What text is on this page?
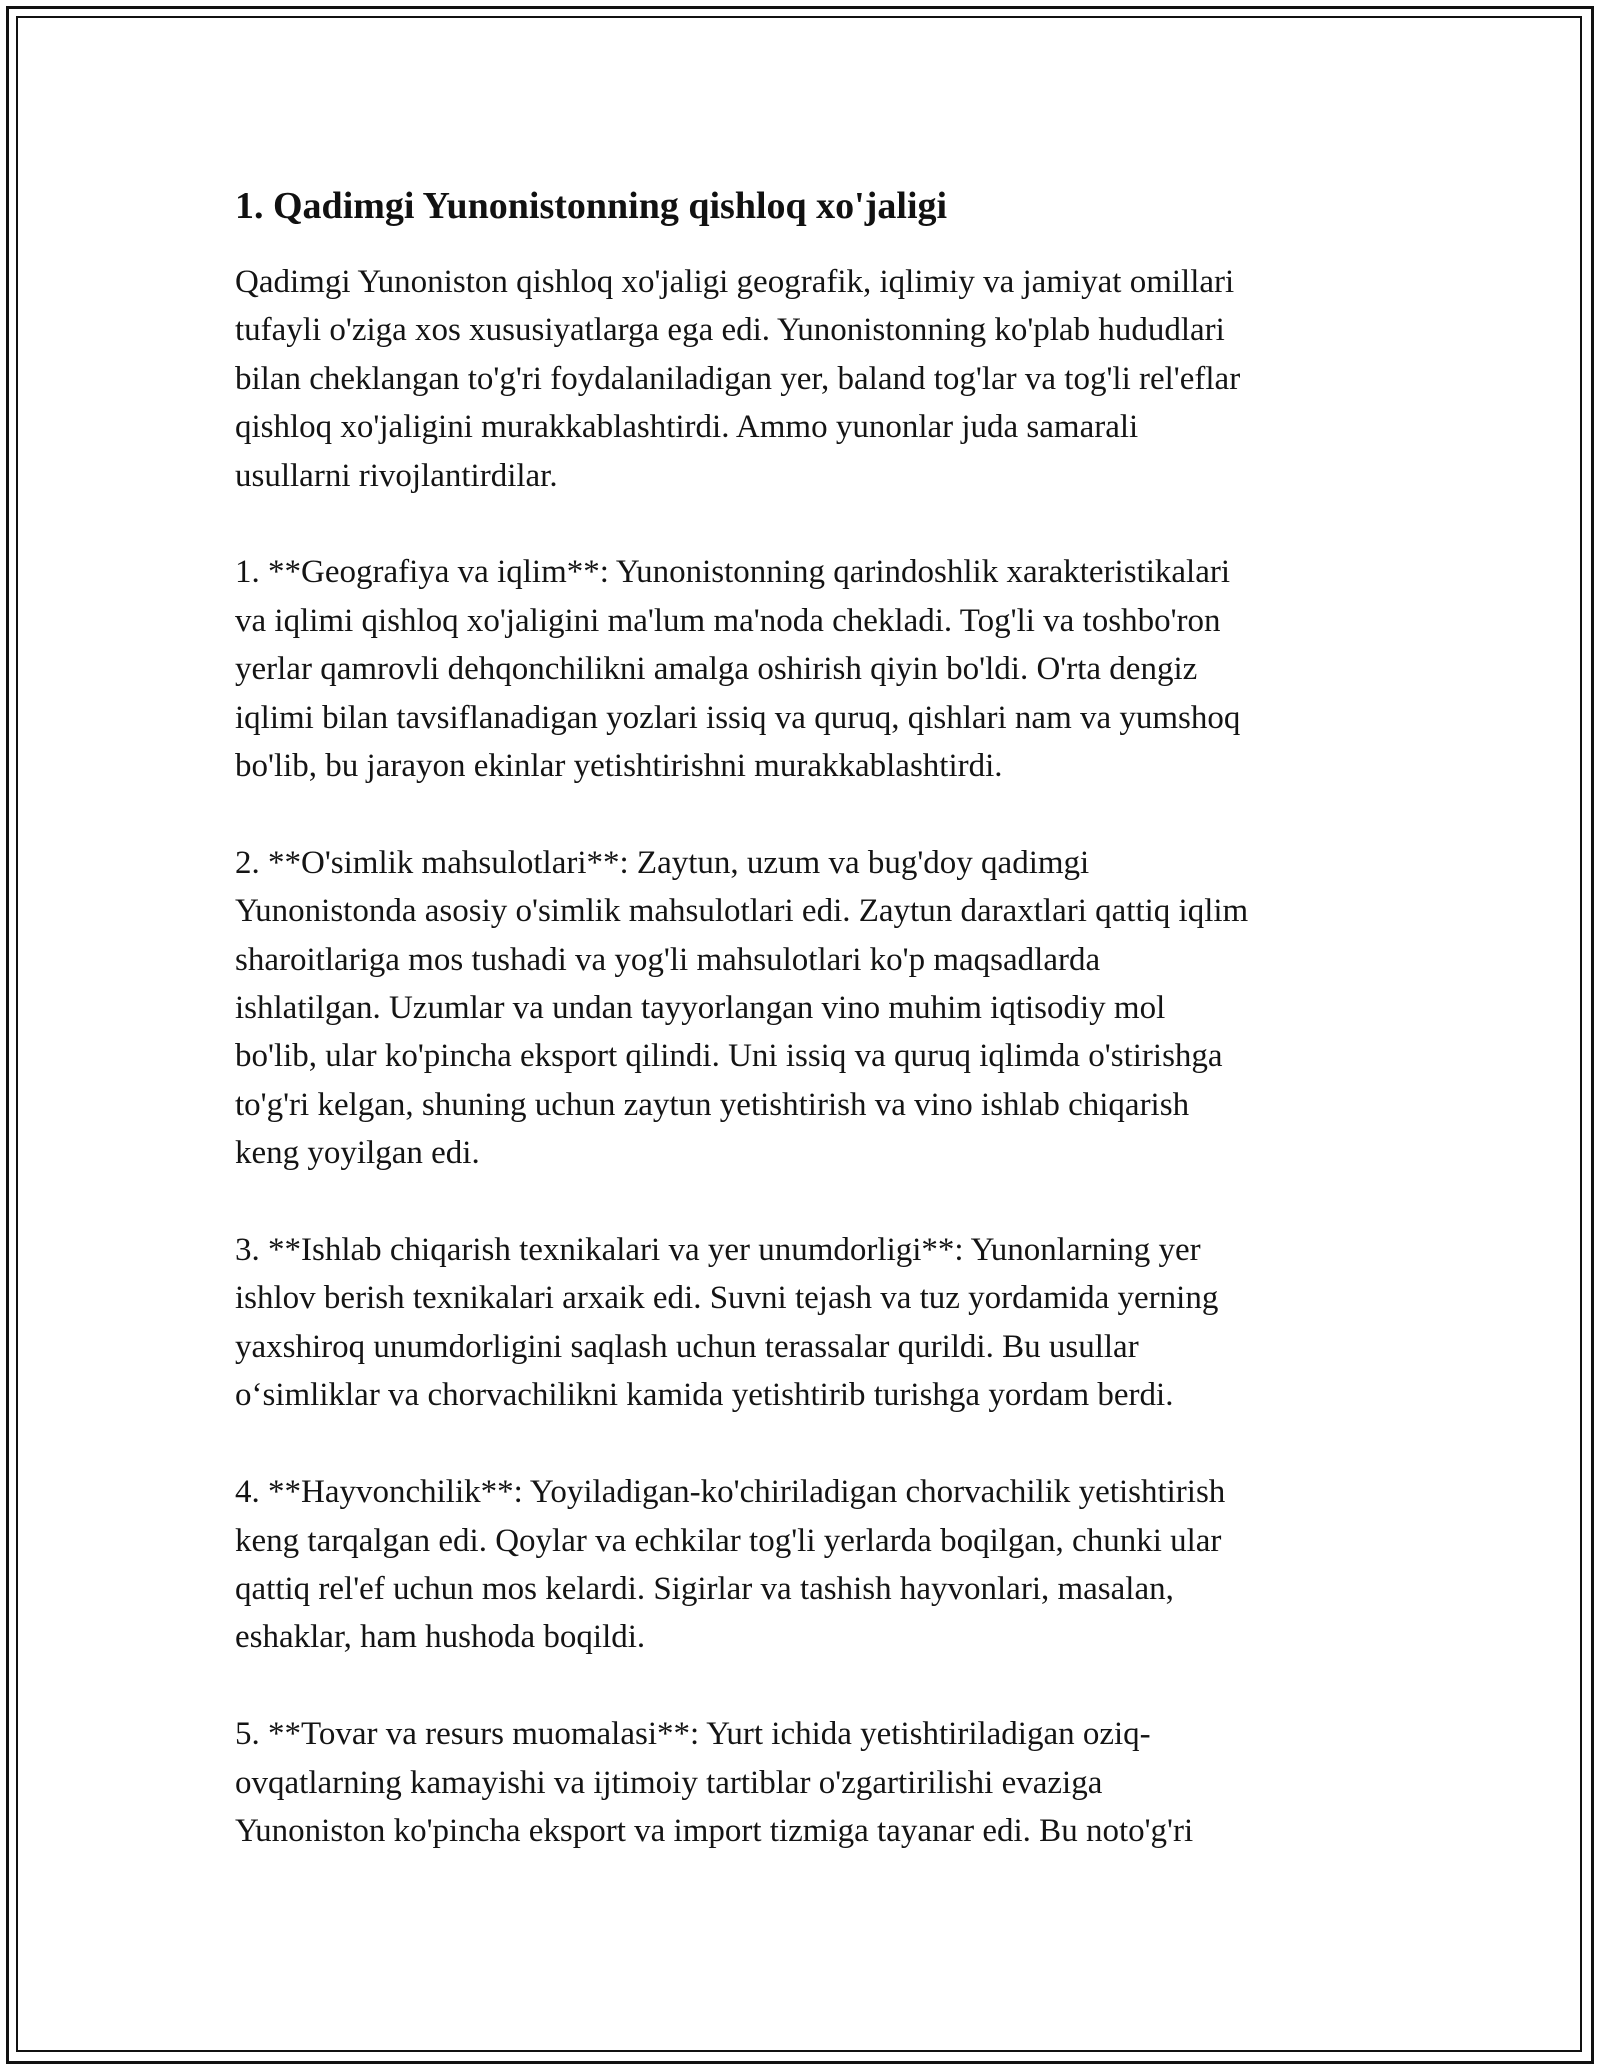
1. Qadimgi Yunonistonning qishloq xo'jaligi

Qadimgi Yunoniston qishloq xo'jaligi geografik, iqlimiy va jamiyat omillari
tufayli o'ziga xos xususiyatlarga ega edi. Yunonistonning ko'plab hududlari
bilan cheklangan to'g'ri foydalaniladigan yer, baland tog'lar va tog'li rel'eflar
qishloq xo'jaligini murakkablashtirdi. Ammo yunonlar juda samarali
usullarni rivojlantirdilar.

1. **Geografiya va iqlim**: Yunonistonning qarindoshlik xarakteristikalari
va iqlimi qishloq xo'jaligini ma'lum ma'noda chekladi. Tog'li va toshbo'ron
yerlar qamrovli dehqonchilikni amalga oshirish qiyin bo'ldi. O'rta dengiz
iqlimi bilan tavsiflanadigan yozlari issiq va quruq, qishlari nam va yumshoq
bo'lib, bu jarayon ekinlar yetishtirishni murakkablashtirdi.

2. **O'simlik mahsulotlari**: Zaytun, uzum va bug'doy qadimgi
Yunonistonda asosiy o'simlik mahsulotlari edi. Zaytun daraxtlari qattiq iqlim
sharoitlariga mos tushadi va yog'li mahsulotlari ko'p maqsadlarda
ishlatilgan. Uzumlar va undan tayyorlangan vino muhim iqtisodiy mol
bo'lib, ular ko'pincha eksport qilindi. Uni issiq va quruq iqlimda o'stirishga
to'g'ri kelgan, shuning uchun zaytun yetishtirish va vino ishlab chiqarish
keng yoyilgan edi.

3. **Ishlab chiqarish texnikalari va yer unumdorligi**: Yunonlarning yer
ishlov berish texnikalari arxaik edi. Suvni tejash va tuz yordamida yerning
yaxshiroq unumdorligini saqlash uchun terassalar qurildi. Bu usullar
o‘simliklar va chorvachilikni kamida yetishtirib turishga yordam berdi.

4. **Hayvonchilik**: Yoyiladigan-ko'chiriladigan chorvachilik yetishtirish
keng tarqalgan edi. Qoylar va echkilar tog'li yerlarda boqilgan, chunki ular
qattiq rel'ef uchun mos kelardi. Sigirlar va tashish hayvonlari, masalan,
eshaklar, ham hushoda boqildi.

5. **Tovar va resurs muomalasi**: Yurt ichida yetishtiriladigan oziq-
ovqatlarning kamayishi va ijtimoiy tartiblar o'zgartirilishi evaziga
Yunoniston ko'pincha eksport va import tizmiga tayanar edi. Bu noto'g'ri
